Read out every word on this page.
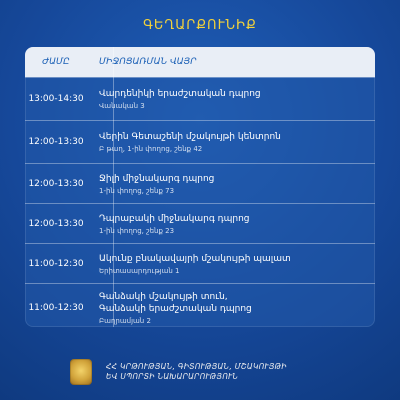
ԳԵՂԱՐՔՈՒՆԻՔ
ԺԱՄԸ	ՄԻՋՈՑԱՌՄԱՆ ՎԱՅՐ
13:00-14:30	Վարդենիկի երաժշտական դպրոց
Վանական 3
12:00-13:30	Վերին Գետաշենի մշակույթի կենտրոն
Բ թաղ, 1-ին փողոց, շենք 42
12:00-13:30	Ջիլի միջնակարգ դպրոց
1-ին փողոց, շենք 73
12:00-13:30	Դպրաբակի միջնակարգ դպրոց
1-ին փողոց, շենք 23
11:00-12:30	Ակունք բնակավայրի մշակույթի պալատ
Երիտասարդության 1
11:00-12:30
Գանձակի մշակույթի տուն,
Գանձակի երաժշտական դպրոց
Բաղրամյան 2
ՀՀ ԿՐԹՈՒԹՅԱՆ, ԳԻՏՈՒԹՅԱՆ, ՄՇԱԿՈՒՅԹԻ
ԵՎ ՍՊՈՐՏԻ ՆԱԽԱՐԱՐՈՒԹՅՈՒՆ
